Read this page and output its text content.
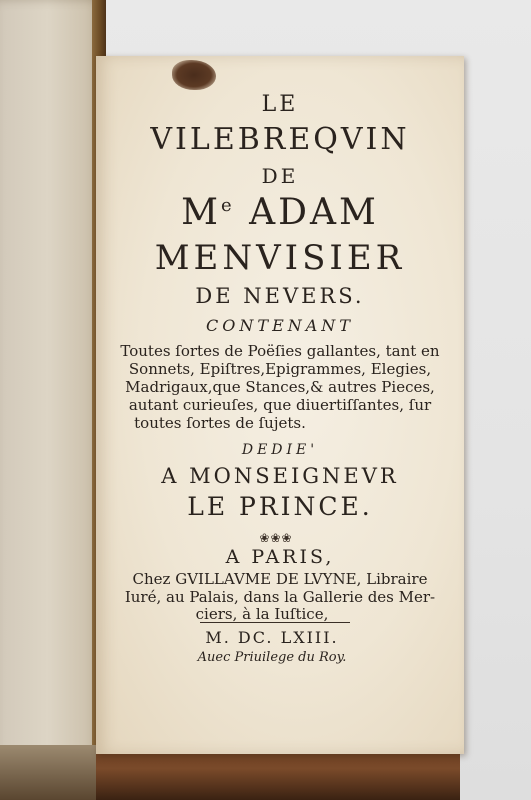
LE
VILEBREQVIN
DE
Me ADAM
MENVISIER
DE NEVERS.
CONTENANT
Toutes ſortes de Poëſies gallantes, tant en
Sonnets, Epiſtres,Epigrammes, Elegies,
Madrigaux,que Stances,& autres Pieces,
autant curieuſes, que diuertiſſantes, ſur
toutes ſortes de ſujets.
DEDIE'
A MONSEIGNEVR
LE PRINCE.
❀❀❀
A PARIS,
Chez GVILLAVME DE LVYNE, Libraire
Iuré, au Palais, dans la Gallerie des Mer-
ciers, à la Iuſtice,
M. DC. LXIII.
Auec Priuilege du Roy.
